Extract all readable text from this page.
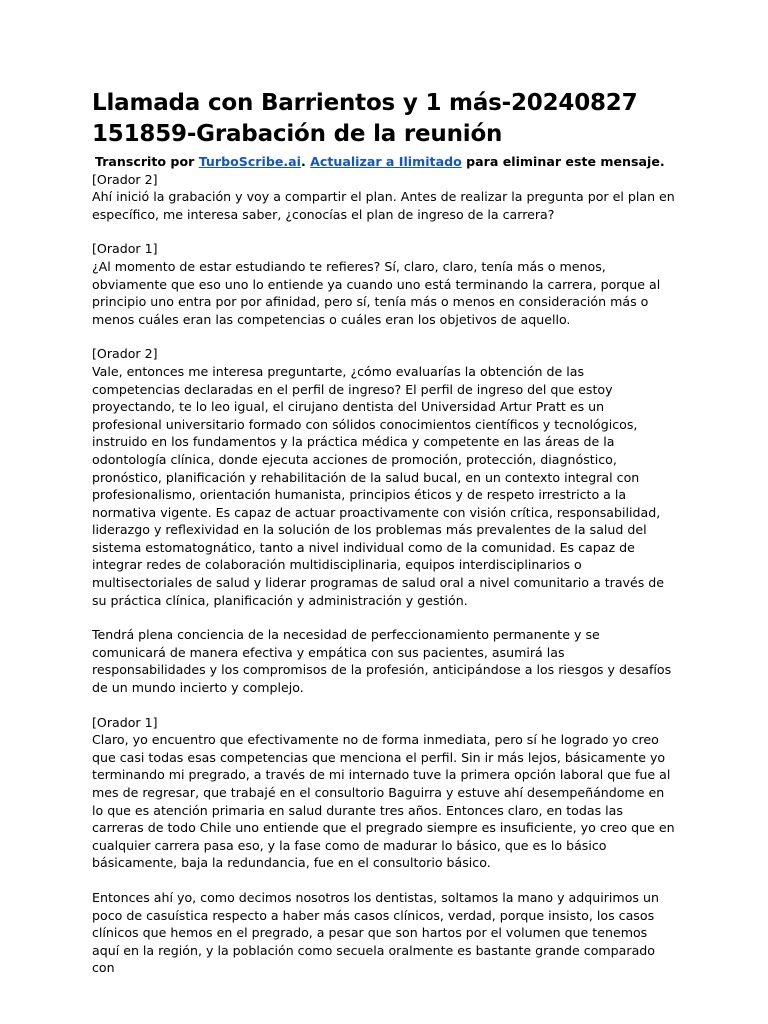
Llamada con Barrientos y 1 más-20240827 151859-Grabación de la reunión
Transcrito por TurboScribe.ai. Actualizar a Ilimitado para eliminar este mensaje.

[Orador 2]

Ahí inició la grabación y voy a compartir el plan. Antes de realizar la pregunta por el plan en específico, me interesa saber, ¿conocías el plan de ingreso de la carrera?

[Orador 1]

¿Al momento de estar estudiando te refieres? Sí, claro, claro, tenía más o menos, obviamente que eso uno lo entiende ya cuando uno está terminando la carrera, porque al principio uno entra por por afinidad, pero sí, tenía más o menos en consideración más o menos cuáles eran las competencias o cuáles eran los objetivos de aquello.

[Orador 2]

Vale, entonces me interesa preguntarte, ¿cómo evaluarías la obtención de las competencias declaradas en el perfil de ingreso? El perfil de ingreso del que estoy proyectando, te lo leo igual, el cirujano dentista del Universidad Artur Pratt es un profesional universitario formado con sólidos conocimientos científicos y tecnológicos, instruido en los fundamentos y la práctica médica y competente en las áreas de la odontología clínica, donde ejecuta acciones de promoción, protección, diagnóstico, pronóstico, planificación y rehabilitación de la salud bucal, en un contexto integral con profesionalismo, orientación humanista, principios éticos y de respeto irrestricto a la normativa vigente. Es capaz de actuar proactivamente con visión crítica, responsabilidad, liderazgo y reflexividad en la solución de los problemas más prevalentes de la salud del sistema estomatognático, tanto a nivel individual como de la comunidad. Es capaz de integrar redes de colaboración multidisciplinaria, equipos interdisciplinarios o multisectoriales de salud y liderar programas de salud oral a nivel comunitario a través de su práctica clínica, planificación y administración y gestión.

Tendrá plena conciencia de la necesidad de perfeccionamiento permanente y se comunicará de manera efectiva y empática con sus pacientes, asumirá las responsabilidades y los compromisos de la profesión, anticipándose a los riesgos y desafíos de un mundo incierto y complejo.

[Orador 1]

Claro, yo encuentro que efectivamente no de forma inmediata, pero sí he logrado yo creo que casi todas esas competencias que menciona el perfil. Sin ir más lejos, básicamente yo terminando mi pregrado, a través de mi internado tuve la primera opción laboral que fue al mes de regresar, que trabajé en el consultorio Baguirra y estuve ahí desempeñándome en lo que es atención primaria en salud durante tres años. Entonces claro, en todas las carreras de todo Chile uno entiende que el pregrado siempre es insuficiente, yo creo que en cualquier carrera pasa eso, y la fase como de madurar lo básico, que es lo básico básicamente, baja la redundancia, fue en el consultorio básico.

Entonces ahí yo, como decimos nosotros los dentistas, soltamos la mano y adquirimos un poco de casuística respecto a haber más casos clínicos, verdad, porque insisto, los casos clínicos que hemos en el pregrado, a pesar que son hartos por el volumen que tenemos aquí en la región, y la población como secuela oralmente es bastante grande comparado con
